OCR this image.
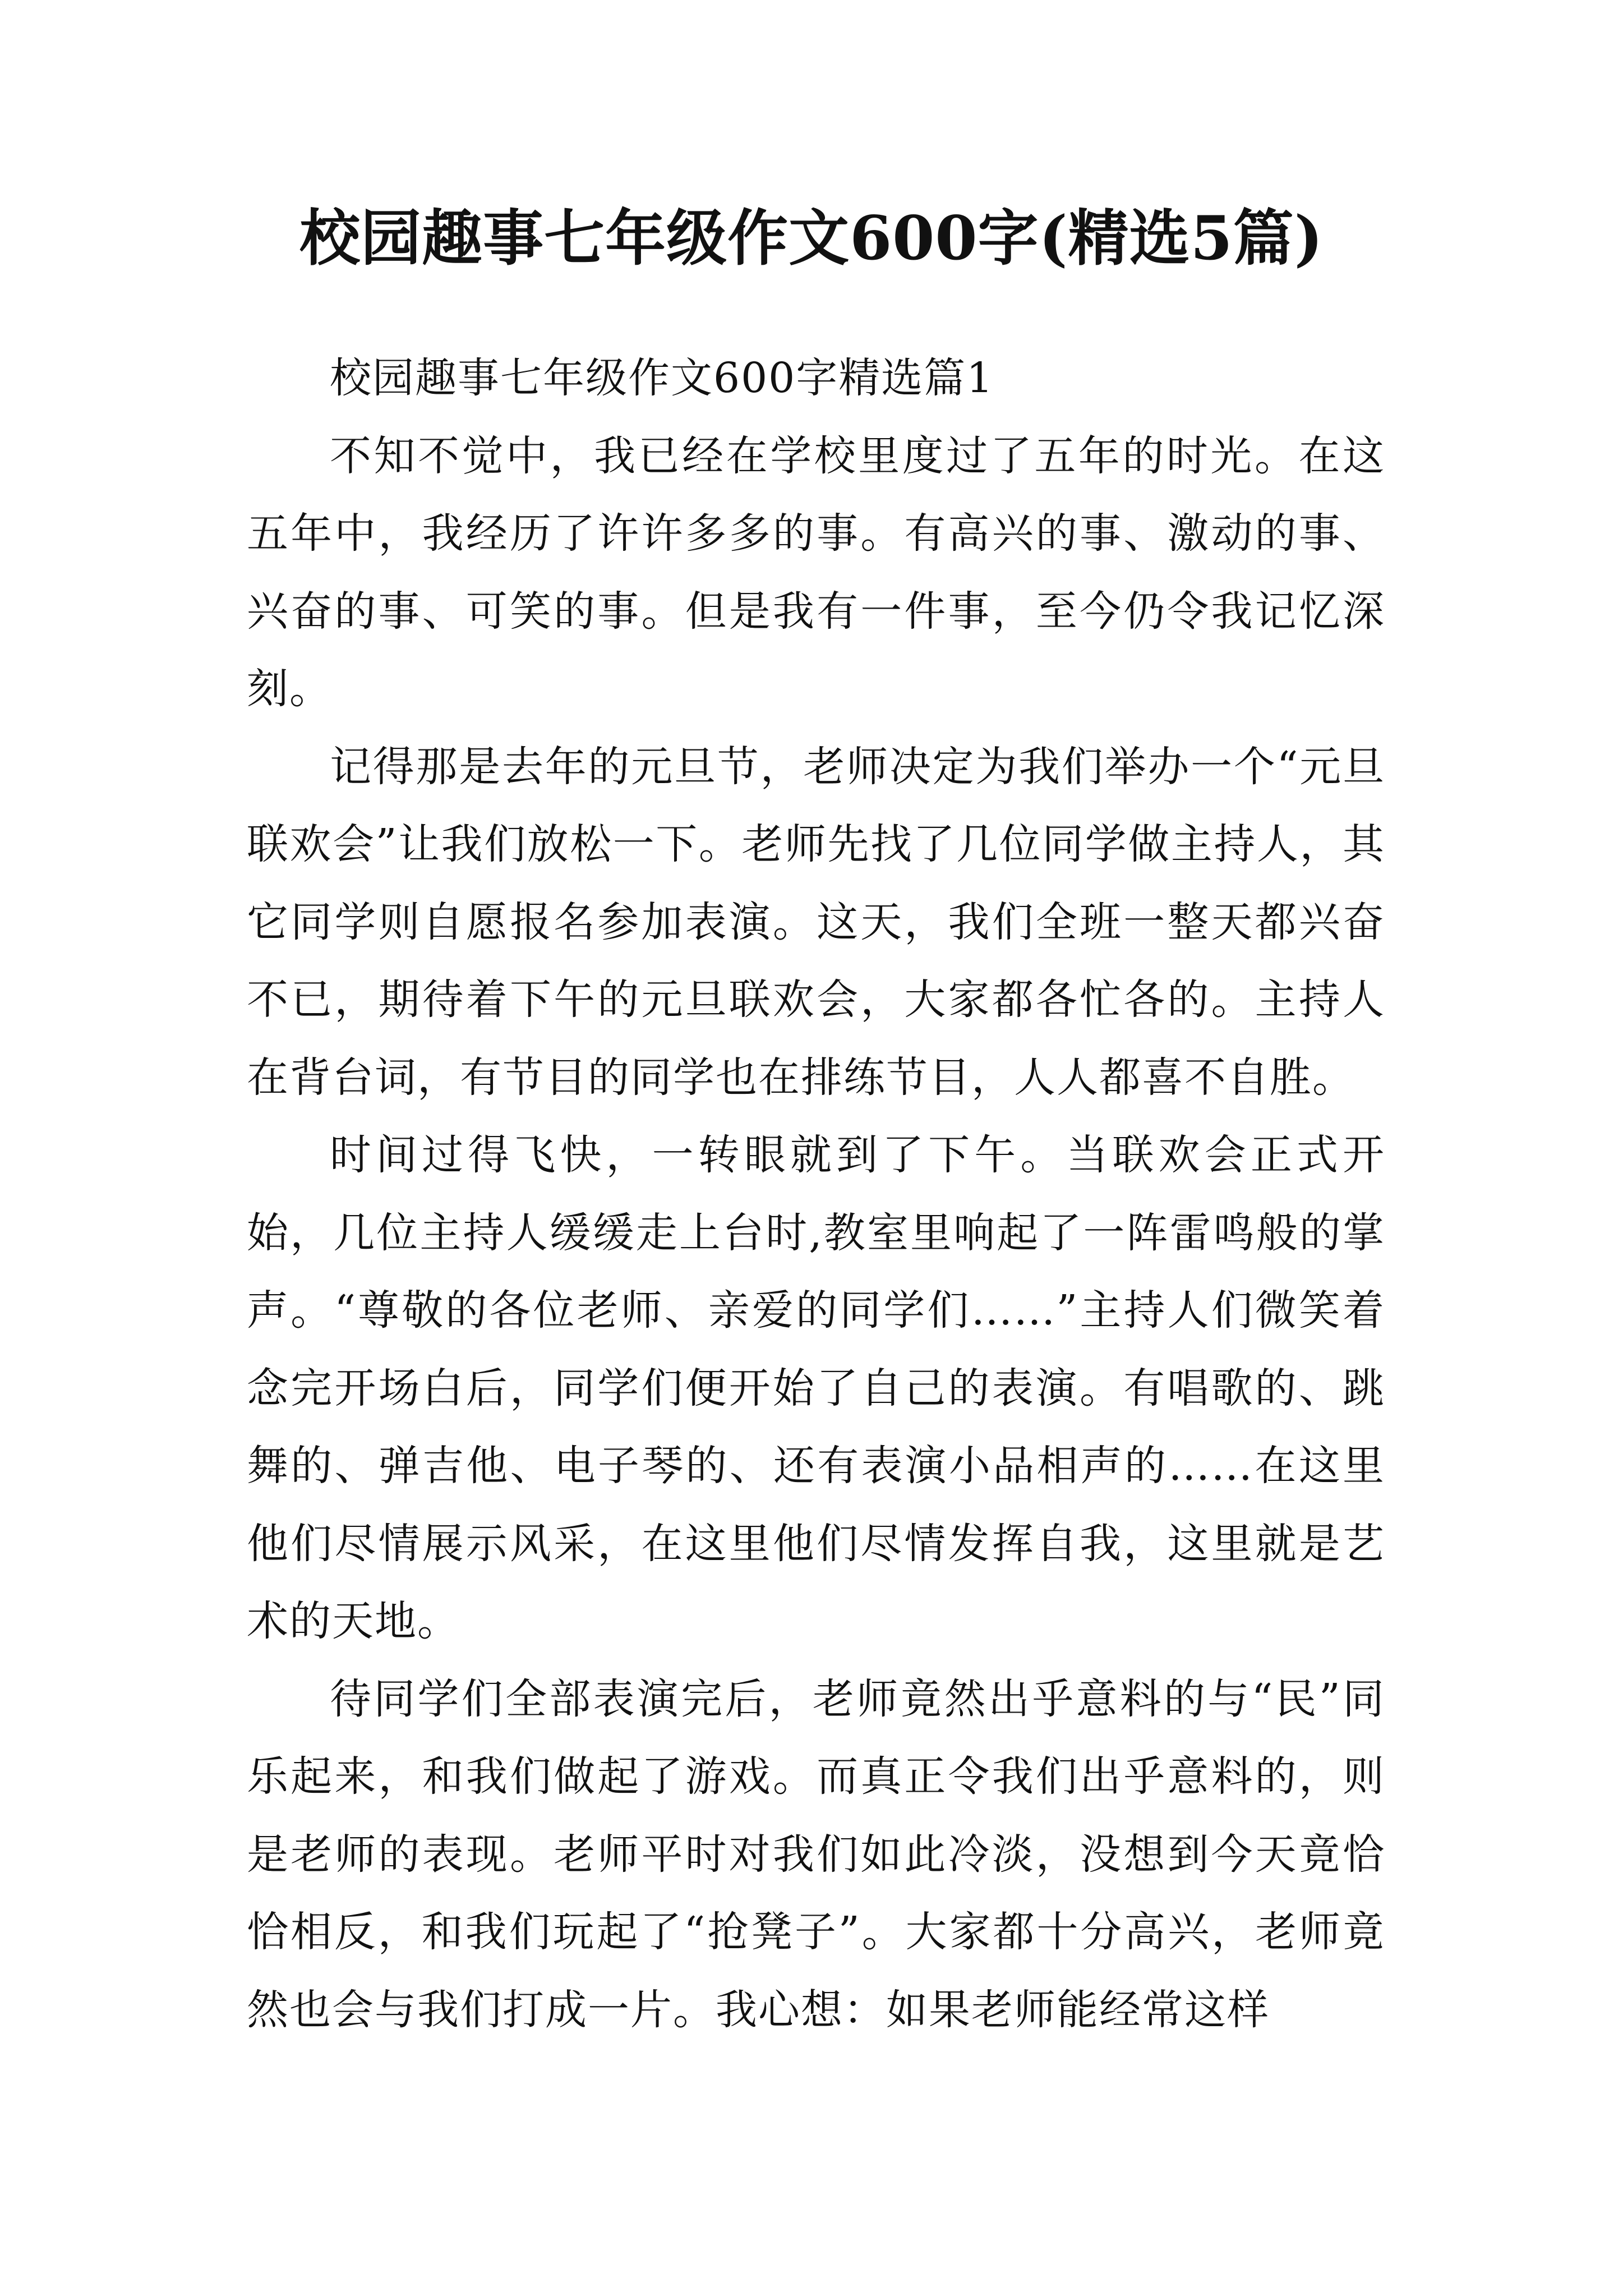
校园趣事七年级作文600字(精选5篇)

校园趣事七年级作文600字精选篇1

不知不觉中，我已经在学校里度过了五年的时光。在这五年中，我经历了许许多多的事。有高兴的事、激动的事、兴奋的事、可笑的事。但是我有一件事，至今仍令我记忆深刻。

记得那是去年的元旦节，老师决定为我们举办一个“元旦联欢会”让我们放松一下。老师先找了几位同学做主持人，其它同学则自愿报名参加表演。这天，我们全班一整天都兴奋不已，期待着下午的元旦联欢会，大家都各忙各的。主持人在背台词，有节目的同学也在排练节目，人人都喜不自胜。

时间过得飞快，一转眼就到了下午。当联欢会正式开始，几位主持人缓缓走上台时,教室里响起了一阵雷鸣般的掌声。“尊敬的各位老师、亲爱的同学们……”主持人们微笑着念完开场白后，同学们便开始了自己的表演。有唱歌的、跳舞的、弹吉他、电子琴的、还有表演小品相声的……在这里他们尽情展示风采，在这里他们尽情发挥自我，这里就是艺术的天地。

待同学们全部表演完后，老师竟然出乎意料的与“民”同乐起来，和我们做起了游戏。而真正令我们出乎意料的，则是老师的表现。老师平时对我们如此冷淡，没想到今天竟恰恰相反，和我们玩起了“抢凳子”。大家都十分高兴，老师竟然也会与我们打成一片。我心想：如果老师能经常这样
